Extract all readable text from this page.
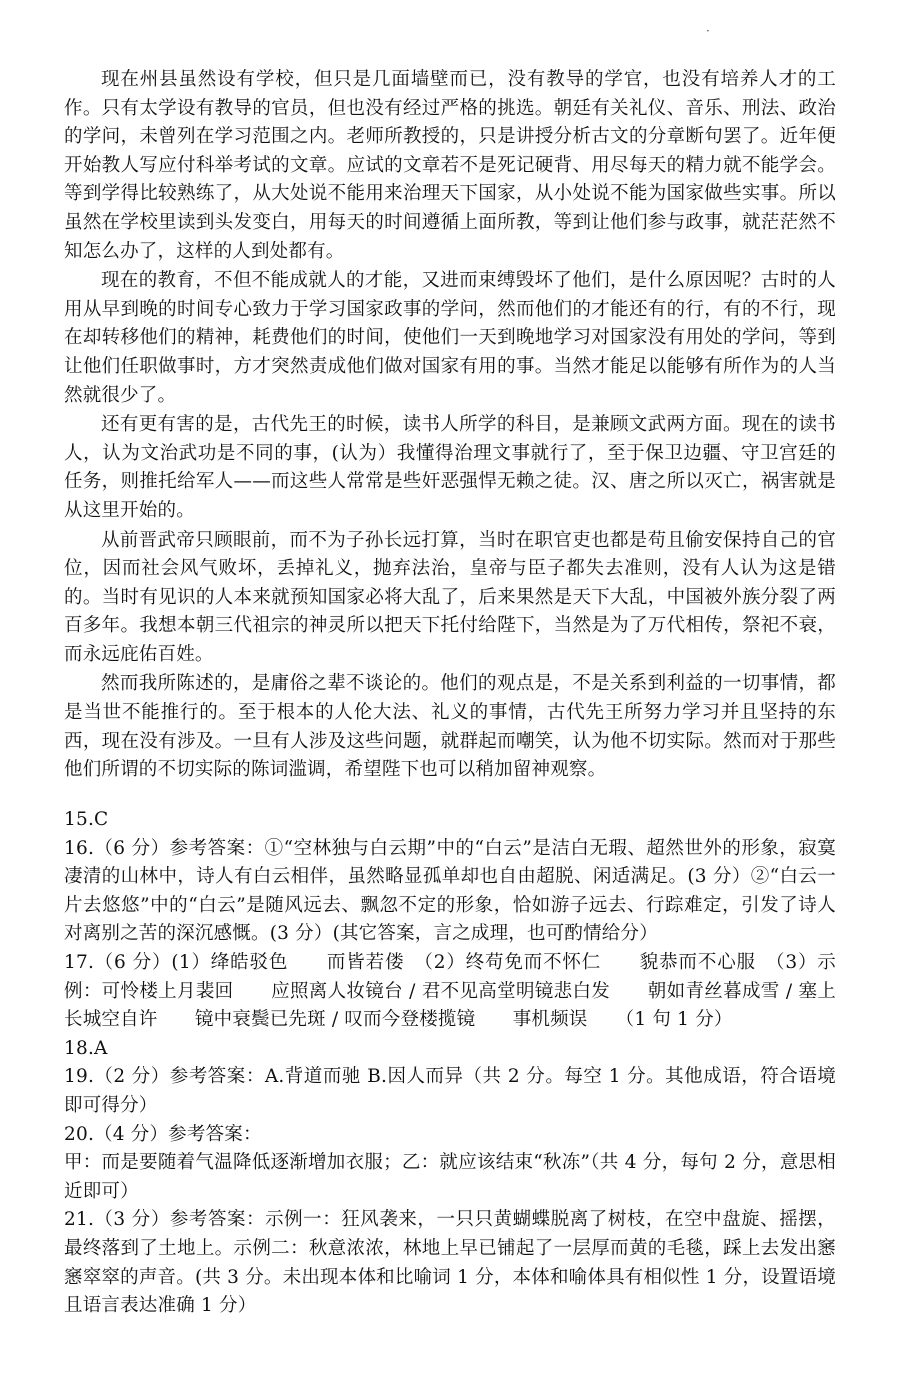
·

现在州县虽然设有学校，但只是几面墙壁而已，没有教导的学官，也没有培养人才的工作。只有太学设有教导的官员，但也没有经过严格的挑选。朝廷有关礼仪、音乐、刑法、政治的学问，未曾列在学习范围之内。老师所教授的，只是讲授分析古文的分章断句罢了。近年便开始教人写应付科举考试的文章。应试的文章若不是死记硬背、用尽每天的精力就不能学会。等到学得比较熟练了，从大处说不能用来治理天下国家，从小处说不能为国家做些实事。所以虽然在学校里读到头发变白，用每天的时间遵循上面所教，等到让他们参与政事，就茫茫然不知怎么办了，这样的人到处都有。

现在的教育，不但不能成就人的才能，又进而束缚毁坏了他们，是什么原因呢？古时的人用从早到晚的时间专心致力于学习国家政事的学问，然而他们的才能还有的行，有的不行，现在却转移他们的精神，耗费他们的时间，使他们一天到晚地学习对国家没有用处的学问，等到让他们任职做事时，方才突然责成他们做对国家有用的事。当然才能足以能够有所作为的人当然就很少了。

还有更有害的是，古代先王的时候，读书人所学的科目，是兼顾文武两方面。现在的读书人，认为文治武功是不同的事，(认为）我懂得治理文事就行了，至于保卫边疆、守卫宫廷的任务，则推托给军人——而这些人常常是些奸恶强悍无赖之徒。汉、唐之所以灭亡，祸害就是从这里开始的。

从前晋武帝只顾眼前，而不为子孙长远打算，当时在职官吏也都是苟且偷安保持自己的官位，因而社会风气败坏，丢掉礼义，抛弃法治，皇帝与臣子都失去准则，没有人认为这是错的。当时有见识的人本来就预知国家必将大乱了，后来果然是天下大乱，中国被外族分裂了两百多年。我想本朝三代祖宗的神灵所以把天下托付给陛下，当然是为了万代相传，祭祀不衰，而永远庇佑百姓。

然而我所陈述的，是庸俗之辈不谈论的。他们的观点是，不是关系到利益的一切事情，都是当世不能推行的。至于根本的人伦大法、礼义的事情，古代先王所努力学习并且坚持的东西，现在没有涉及。一旦有人涉及这些问题，就群起而嘲笑，认为他不切实际。然而对于那些他们所谓的不切实际的陈词滥调，希望陛下也可以稍加留神观察。

15.C

16.（6 分）参考答案：①“空林独与白云期”中的“白云”是洁白无瑕、超然世外的形象，寂寞凄清的山林中，诗人有白云相伴，虽然略显孤单却也自由超脱、闲适满足。(3 分）②“白云一片去悠悠”中的“白云”是随风远去、飘忽不定的形象，恰如游子远去、行踪难定，引发了诗人对离别之苦的深沉感慨。(3 分）(其它答案，言之成理，也可酌情给分）

17.（6 分）(1）绛皓驳色　　而皆若偻　（2）终苟免而不怀仁　　貌恭而不心服　（3）示例：可怜楼上月裴回　　应照离人妆镜台 / 君不见高堂明镜悲白发　　朝如青丝暮成雪 / 塞上长城空自许　　镜中衰鬓已先斑 / 叹而今登楼揽镜　　事机频误　　（1 句 1 分）

18.A

19.（2 分）参考答案：A.背道而驰 B.因人而异（共 2 分。每空 1 分。其他成语，符合语境即可得分）

20.（4 分）参考答案：

甲：而是要随着气温降低逐渐增加衣服；乙：就应该结束“秋冻”（共 4 分，每句 2 分，意思相近即可）

21.（3 分）参考答案：示例一：狂风袭来，一只只黄蝴蝶脱离了树枝，在空中盘旋、摇摆，最终落到了土地上。示例二：秋意浓浓，林地上早已铺起了一层厚而黄的毛毯，踩上去发出窸窸窣窣的声音。(共 3 分。未出现本体和比喻词 1 分，本体和喻体具有相似性 1 分，设置语境且语言表达准确 1 分）
